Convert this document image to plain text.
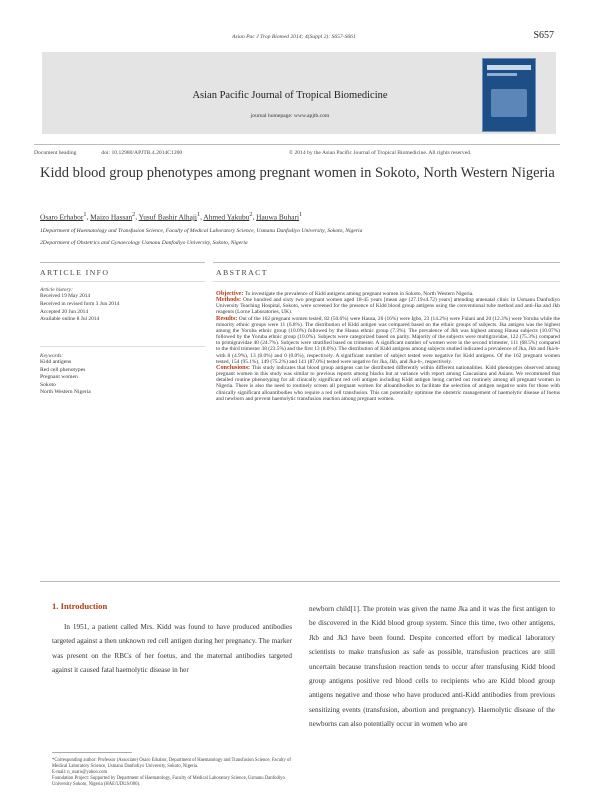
Asian Pac J Trop Biomed 2014; 4(Suppl 2): S657-S661	S657
Asian Pacific Journal of Tropical Biomedicine
journal homepage: www.apjtb.com
Document heading	doi: 10.12980/APJTB.4.2014C1200	© 2014 by the Asian Pacific Journal of Tropical Biomedicine. All rights reserved.
Kidd blood group phenotypes among pregnant women in Sokoto, North Western Nigeria
Osaro Erhabor$^1$, Maizo Hassan$^2$, Yusuf Bashir Alhaji$^1$, Ahmed Yakubu$^2$, Hauwa Buhari$^1$
1Department of Haematology and Transfusion Science, Faculty of Medical Laboratory Science, Usmanu Danfodiyo University, Sokoto, Nigeria
2Department of Obstetrics and Gynaecology Usmanu Danfodiyo University, Sokoto, Nigeria
ARTICLE INFO
Article history:
Received 19 May 2014
Received in revised form 3 Jun 2014
Accepted 20 Jun 2014
Available online 8 Jul 2014
Keywords:
Kidd antigens
Red cell phenotypes
Pregnant women
Sokoto
North Western Nigeria
ABSTRACT

Objective: To investigate the prevalence of Kidd antigens among pregnant women in Sokoto, North Western Nigeria.

Methods: One hundred and sixty two pregnant women aged 18-45 years [mean age (27.19±4.72) years] attending antenatal clinic in Usmanu Danfodiyo University Teaching Hospital, Sokoto, were screened for the presence of Kidd blood group antigens using the conventional tube method and anti-Jka and Jkb reagents (Lorne Laboratories, UK).

Results: Out of the 162 pregnant women tested, 82 (50.6%) were Hausa, 26 (16%) were Igbo, 23 (14.2%) were Fulani and 20 (12.3%) were Yoruba while the minority ethnic groups were 11 (6.8%). The distribution of Kidd antigen was compared based on the ethnic groups of subjects. Jka antigen was the highest among the Yoruba ethnic group (10.0%) followed by the Hausa ethnic group (7.3%). The prevalence of Jkb was highest among Hausa subjects (10.07%) followed by the Yoruba ethnic group (10.0%). Subjects were categorized based on parity. Majority of the subjects were multigravidae, 122 (75.3%) compared to primigravidae 40 (24.7%). Subjects were stratified based on trimester. A significant number of women were in the second trimester, 111 (68.5%) compared to the third trimester 38 (23.5%) and the first 13 (8.0%). The distribution of Kidd antigens among subjects studied indicated a prevalence of Jka, Jkb and Jka-b- with 8 (4.9%), 13 (8.0%) and 0 (0.0%), respectively. A significant number of subject tested were negative for Kidd antigens. Of the 162 pregnant women tested, 154 (95.1%), 149 (75.2%) and 141 (87.0%) tested were negative for Jka, Jkb, and Jka-b-, respectively.

Conclusions: This study indicates that blood group antigens can be distributed differently within different nationalities. Kidd phenotypes observed among pregnant women in this study was similar to previous reports among blacks but at variance with report among Caucasians and Asians. We recommend that detailed routine phenotyping for all clinically significant red cell antigen including Kidd antigen being carried out routinely among all pregnant women in Nigeria. There is also the need to routinely screen all pregnant women for alloantibodies to facilitate the selection of antigen negative units for those with clinically significant alloantibodies who require a red cell transfusion. This can potentially optimise the obstetric management of haemolytic disease of foetus and newborn and prevent haemolytic transfusion reaction among pregnant women.

1. Introduction
In 1951, a patient called Mrs. Kidd was found to have produced antibodies targeted against a then unknown red cell antigen during her pregnancy. The marker was present on the RBCs of her foetus, and the maternal antibodies targeted against it caused fatal haemolytic disease in her
newborn child[1]. The protein was given the name Jka and it was the first antigen to be discovered in the Kidd blood group system. Since this time, two other antigens, Jkb and Jk3 have been found. Despite concerted effort by medical laboratory scientists to make transfusion as safe as possible, transfusion practices are still uncertain because transfusion reaction tends to occur after transfusing Kidd blood group antigens positive red blood cells to recipients who are Kidd blood group antigens negative and those who have produced anti-Kidd antibodies from previous sensitizing events (transfusion, abortion and pregnancy). Haemolytic disease of the newborns can also potentially occur in women who are
*Corresponding author: Professor (Associate) Osaro Erhabor, Department of Haematology and Transfusion Science, Faculty of Medical Laboratory Science, Usmanu Danfodiyo University, Sokoto, Nigeria.
E-mail: n_osaro@yahoo.com
Foundation Project: Supported by Department of Haematology, Faculty of Medical Laboratory Science, Usmanu Danfodiyo University Sokoto, Nigeria (HAE/UDUS/006).
